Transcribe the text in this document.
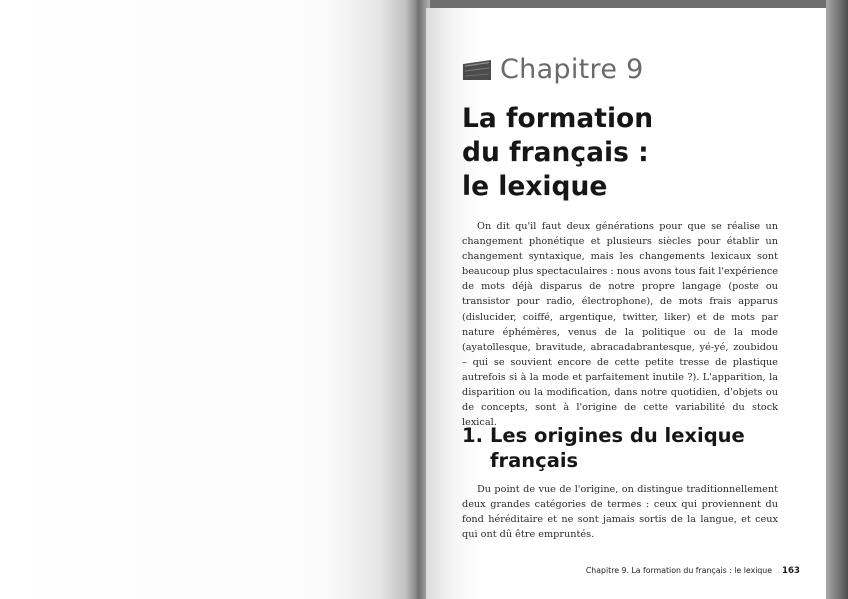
Chapitre 9
La formation
du français :
le lexique

On dit qu'il faut deux générations pour que se réalise un changement phonétique et plusieurs siècles pour établir un changement syntaxique, mais les changements lexicaux sont beaucoup plus spectaculaires : nous avons tous fait l'expérience de mots déjà disparus de notre propre langage (poste ou transistor pour radio, électrophone), de mots frais apparus (dislucider, coiffé, argentique, twitter, liker) et de mots par nature éphémères, venus de la politique ou de la mode (ayatollesque, bravitude, abracadabrantesque, yé-yé, zoubidou – qui se souvient encore de cette petite tresse de plastique autrefois si à la mode et parfaitement inutile ?). L'apparition, la disparition ou la modification, dans notre quotidien, d'objets ou de concepts, sont à l'origine de cette variabilité du stock lexical.

1. Les origines du lexique
français

Du point de vue de l'origine, on distingue traditionnellement deux grandes catégories de termes : ceux qui proviennent du fond héréditaire et ne sont jamais sortis de la langue, et ceux qui ont dû être empruntés.

Chapitre 9. La formation du français : le lexique 163
